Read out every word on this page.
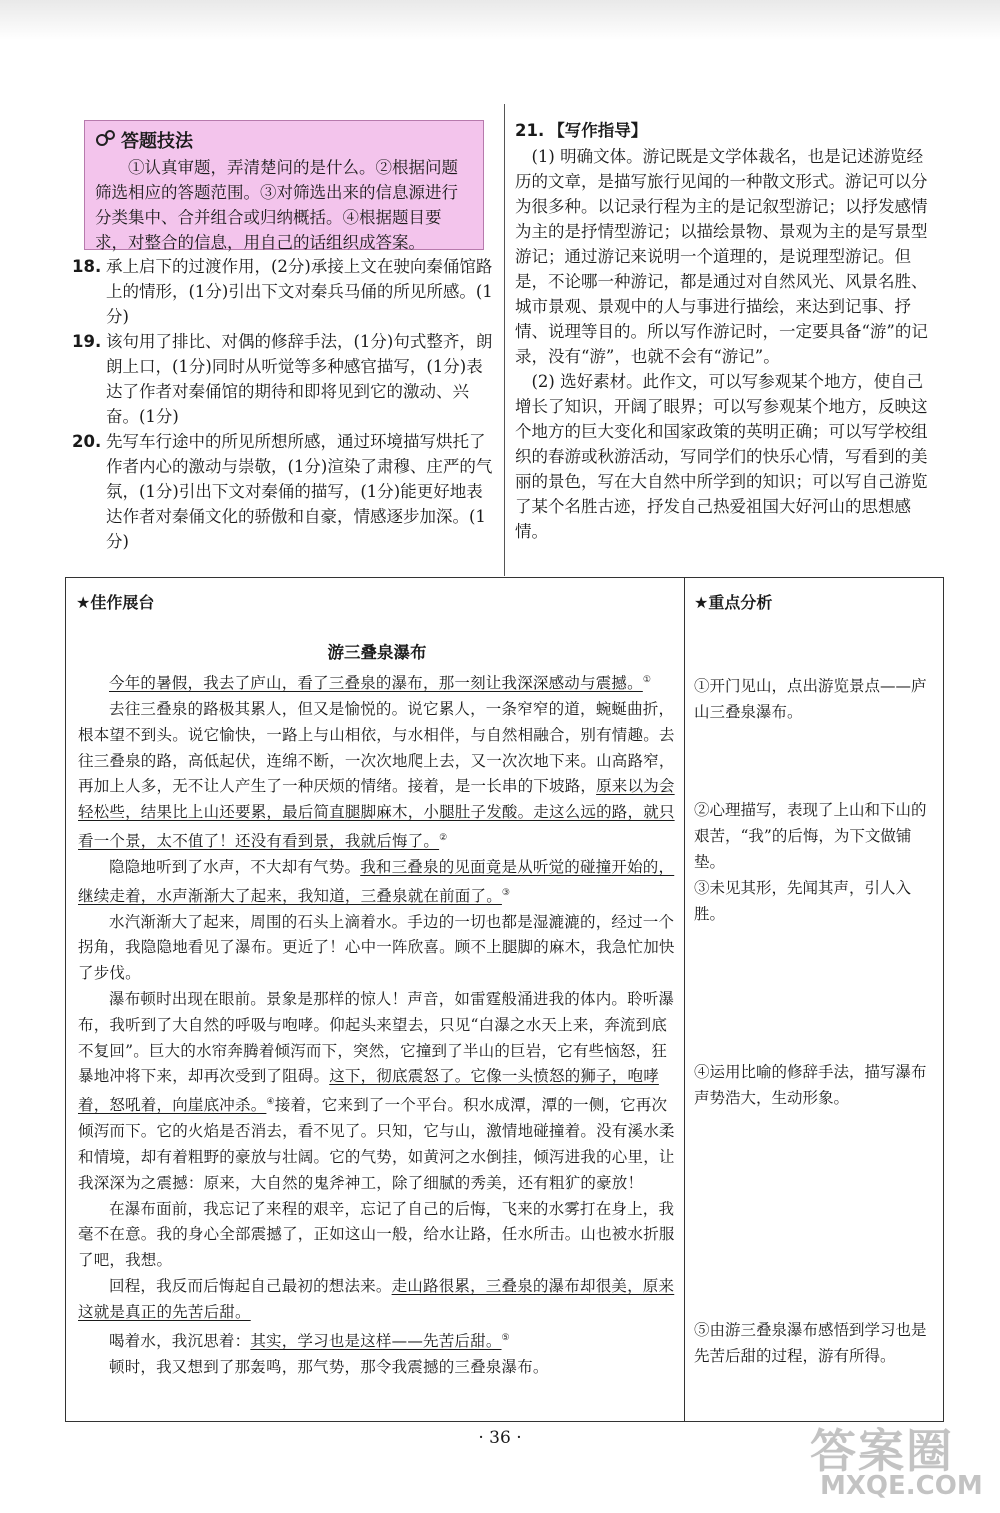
答题技法

①认真审题，弄清楚问的是什么。②根据问题筛选相应的答题范围。③对筛选出来的信息源进行分类集中、合并组合或归纳概括。④根据题目要求，对整合的信息，用自己的话组织成答案。

18. 承上启下的过渡作用，(2分)承接上文在驶向秦俑馆路上的情形，(1分)引出下文对秦兵马俑的所见所感。(1分)
19. 该句用了排比、对偶的修辞手法，(1分)句式整齐，朗朗上口，(1分)同时从听觉等多种感官描写，(1分)表达了作者对秦俑馆的期待和即将见到它的激动、兴奋。(1分)
20. 先写车行途中的所见所想所感，通过环境描写烘托了作者内心的激动与崇敬，(1分)渲染了肃穆、庄严的气氛，(1分)引出下文对秦俑的描写，(1分)能更好地表达作者对秦俑文化的骄傲和自豪，情感逐步加深。(1分)
21. 【写作指导】

(1) 明确文体。游记既是文学体裁名，也是记述游览经历的文章，是描写旅行见闻的一种散文形式。游记可以分为很多种。以记录行程为主的是记叙型游记；以抒发感情为主的是抒情型游记；以描绘景物、景观为主的是写景型游记；通过游记来说明一个道理的，是说理型游记。但是，不论哪一种游记，都是通过对自然风光、风景名胜、城市景观、景观中的人与事进行描绘，来达到记事、抒情、说理等目的。所以写作游记时，一定要具备“游”的记录，没有“游”，也就不会有“游记”。

(2) 选好素材。此作文，可以写参观某个地方，使自己增长了知识，开阔了眼界；可以写参观某个地方，反映这个地方的巨大变化和国家政策的英明正确；可以写学校组织的春游或秋游活动，写同学们的快乐心情，写看到的美丽的景色，写在大自然中所学到的知识；可以写自己游览了某个名胜古迹，抒发自己热爱祖国大好河山的思想感情。

★佳作展台	★重点分析
游三叠泉瀑布

今年的暑假，我去了庐山，看了三叠泉的瀑布，那一刻让我深深感动与震撼。①

去往三叠泉的路极其累人，但又是愉悦的。说它累人，一条窄窄的道，蜿蜒曲折，根本望不到头。说它愉快，一路上与山相依，与水相伴，与自然相融合，别有情趣。去往三叠泉的路，高低起伏，连绵不断，一次次地爬上去，又一次次地下来。山高路窄，再加上人多，无不让人产生了一种厌烦的情绪。接着，是一长串的下坡路，原来以为会轻松些，结果比上山还要累，最后简直腿脚麻木，小腿肚子发酸。走这么远的路，就只看一个景，太不值了！还没有看到景，我就后悔了。②

隐隐地听到了水声，不大却有气势。我和三叠泉的见面竟是从听觉的碰撞开始的，继续走着，水声渐渐大了起来，我知道，三叠泉就在前面了。③

水汽渐渐大了起来，周围的石头上滴着水。手边的一切也都是湿漉漉的，经过一个拐角，我隐隐地看见了瀑布。更近了！心中一阵欣喜。顾不上腿脚的麻木，我急忙加快了步伐。

瀑布顿时出现在眼前。景象是那样的惊人！声音，如雷霆般涌进我的体内。聆听瀑布，我听到了大自然的呼吸与咆哮。仰起头来望去，只见“白瀑之水天上来，奔流到底不复回”。巨大的水帘奔腾着倾泻而下，突然，它撞到了半山的巨岩，它有些恼怒，狂暴地冲将下来，却再次受到了阻碍。这下，彻底震怒了。它像一头愤怒的狮子，咆哮着，怒吼着，向崖底冲杀。④接着，它来到了一个平台。积水成潭，潭的一侧，它再次倾泻而下。它的火焰是否消去，看不见了。只知，它与山，激情地碰撞着。没有溪水柔和情境，却有着粗野的豪放与壮阔。它的气势，如黄河之水倒挂，倾泻进我的心里，让我深深为之震撼：原来，大自然的鬼斧神工，除了细腻的秀美，还有粗犷的豪放！

在瀑布面前，我忘记了来程的艰辛，忘记了自己的后悔，飞来的水雾打在身上，我毫不在意。我的身心全部震撼了，正如这山一般，给水让路，任水所击。山也被水折服了吧，我想。

回程，我反而后悔起自己最初的想法来。走山路很累，三叠泉的瀑布却很美，原来这就是真正的先苦后甜。

喝着水，我沉思着：其实，学习也是这样——先苦后甜。⑤

顿时，我又想到了那轰鸣，那气势，那令我震撼的三叠泉瀑布。

①开门见山，点出游览景点——庐山三叠泉瀑布。

②心理描写，表现了上山和下山的艰苦，“我”的后悔，为下文做铺垫。

③未见其形，先闻其声，引人入胜。

④运用比喻的修辞手法，描写瀑布声势浩大，生动形象。

⑤由游三叠泉瀑布感悟到学习也是先苦后甜的过程，游有所得。

· 36 ·	答案圈
MXQE.COM
